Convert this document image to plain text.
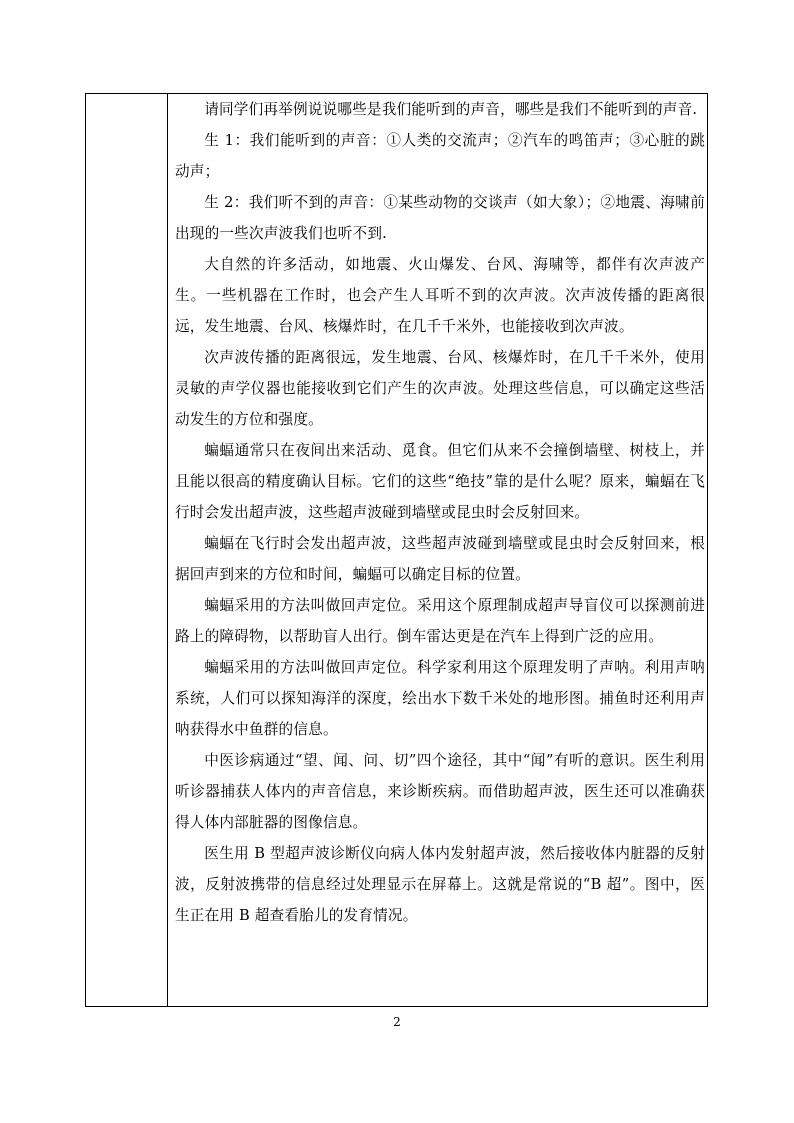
请同学们再举例说说哪些是我们能听到的声音，哪些是我们不能听到的声音.

生 1：我们能听到的声音：①人类的交流声；②汽车的鸣笛声；③心脏的跳动声；

生 2：我们听不到的声音：①某些动物的交谈声（如大象）；②地震、海啸前出现的一些次声波我们也听不到.

大自然的许多活动，如地震、火山爆发、台风、海啸等，都伴有次声波产生。一些机器在工作时，也会产生人耳听不到的次声波。次声波传播的距离很远，发生地震、台风、核爆炸时，在几千千米外，也能接收到次声波。

次声波传播的距离很远，发生地震、台风、核爆炸时，在几千千米外，使用灵敏的声学仪器也能接收到它们产生的次声波。处理这些信息，可以确定这些活动发生的方位和强度。

蝙蝠通常只在夜间出来活动、觅食。但它们从来不会撞倒墙壁、树枝上，并且能以很高的精度确认目标。它们的这些“绝技”靠的是什么呢？原来，蝙蝠在飞行时会发出超声波，这些超声波碰到墙壁或昆虫时会反射回来。

蝙蝠在飞行时会发出超声波，这些超声波碰到墙壁或昆虫时会反射回来，根据回声到来的方位和时间，蝙蝠可以确定目标的位置。

蝙蝠采用的方法叫做回声定位。采用这个原理制成超声导盲仪可以探测前进路上的障碍物，以帮助盲人出行。倒车雷达更是在汽车上得到广泛的应用。

蝙蝠采用的方法叫做回声定位。科学家利用这个原理发明了声呐。利用声呐系统，人们可以探知海洋的深度，绘出水下数千米处的地形图。捕鱼时还利用声呐获得水中鱼群的信息。

中医诊病通过“望、闻、问、切”四个途径，其中“闻”有听的意识。医生利用听诊器捕获人体内的声音信息，来诊断疾病。而借助超声波，医生还可以准确获得人体内部脏器的图像信息。

医生用 B 型超声波诊断仪向病人体内发射超声波，然后接收体内脏器的反射波，反射波携带的信息经过处理显示在屏幕上。这就是常说的“B 超”。图中，医生正在用 B 超查看胎儿的发育情况。

2
